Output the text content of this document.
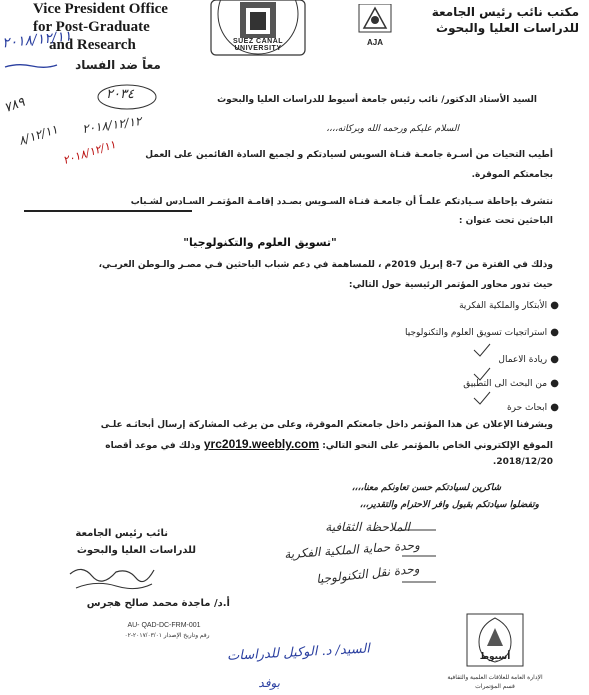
Vice President Office
for Post-Graduate
and Research
مكتب نائب رئيس الجامعة
للدراسات العليا والبحوث
SUEZ CANAL UNIVERSITY
AJA
معاً ضد الفساد
٢٠١٨/١٢/١١
٢٠٣٤
٧٨٩
٨/١٢/١١ ٢٠١٨/١٢/١٢
٢٠١٨/١٢/١١
السيد الأستاذ الدكتور/ نائب رئيس جامعة أسيوط للدراسات العليا والبحوث
السلام عليكم ورحمه الله وبركاته،،،،
أطيب التحيات من أسـرة جامعـة قنـاة السويس لسيادتكم و لجميع السادة القائمين على العمل
بجامعتكم الموقرة.
نتشرف بإحاطة سـيادتكم علمـاً أن جامعـة قنـاة السـويس بصـدد إقامـة المؤتمـر السـادس لشـباب
الباحثين تحت عنوان :
"تسويق العلوم والتكنولوجيا"
وذلك في الفترة من 7-8 إبريل 2019م ، للمساهمة في دعم شباب الباحثين فـي مصـر والـوطن العربـي،
حيث تدور محاور المؤتمر الرئيسية حول التالي:
● الأبتكار والملكية الفكرية
● استراتجيات تسويق العلوم والتكنولوجيا
● ريادة الاعمال
● من البحث الى التطبيق
● ابحاث حرة
ويشرفنا الإعلان عن هذا المؤتمر داخل جامعتكم الموقرة، وعلى من يرغب المشاركة إرسال أبحاثـه علـى
الموقع الإلكتروني الخاص بالمؤتمر على النحو التالي: yrc2019.weebly.com وذلك في موعد أقصاه
2018/12/20.
شاكرين لسيادتكم حسن تعاونكم معنا،،،،
وتفضلوا سيادتكم بقبول وافر الاحترام والتقدير،،،
نائب رئيس الجامعة
للدراسات العليا والبحوث
أ.د/ ماجدة محمد صالح هجرس
الملاحظة الثقافية
وحدة حماية الملكية الفكرية
وحدة نقل التكنولوجيا
AU- QAD-DC-FRM-001
رقم وتاريخ الإصدار ٢٠١٧/٠٣/٠١-٠٢
السيد/ د. الوكيل للدراسات
بوفد
أسيوط
الإدارة العامة للعلاقات العلمية والثقافية
قسم المؤتمرات
